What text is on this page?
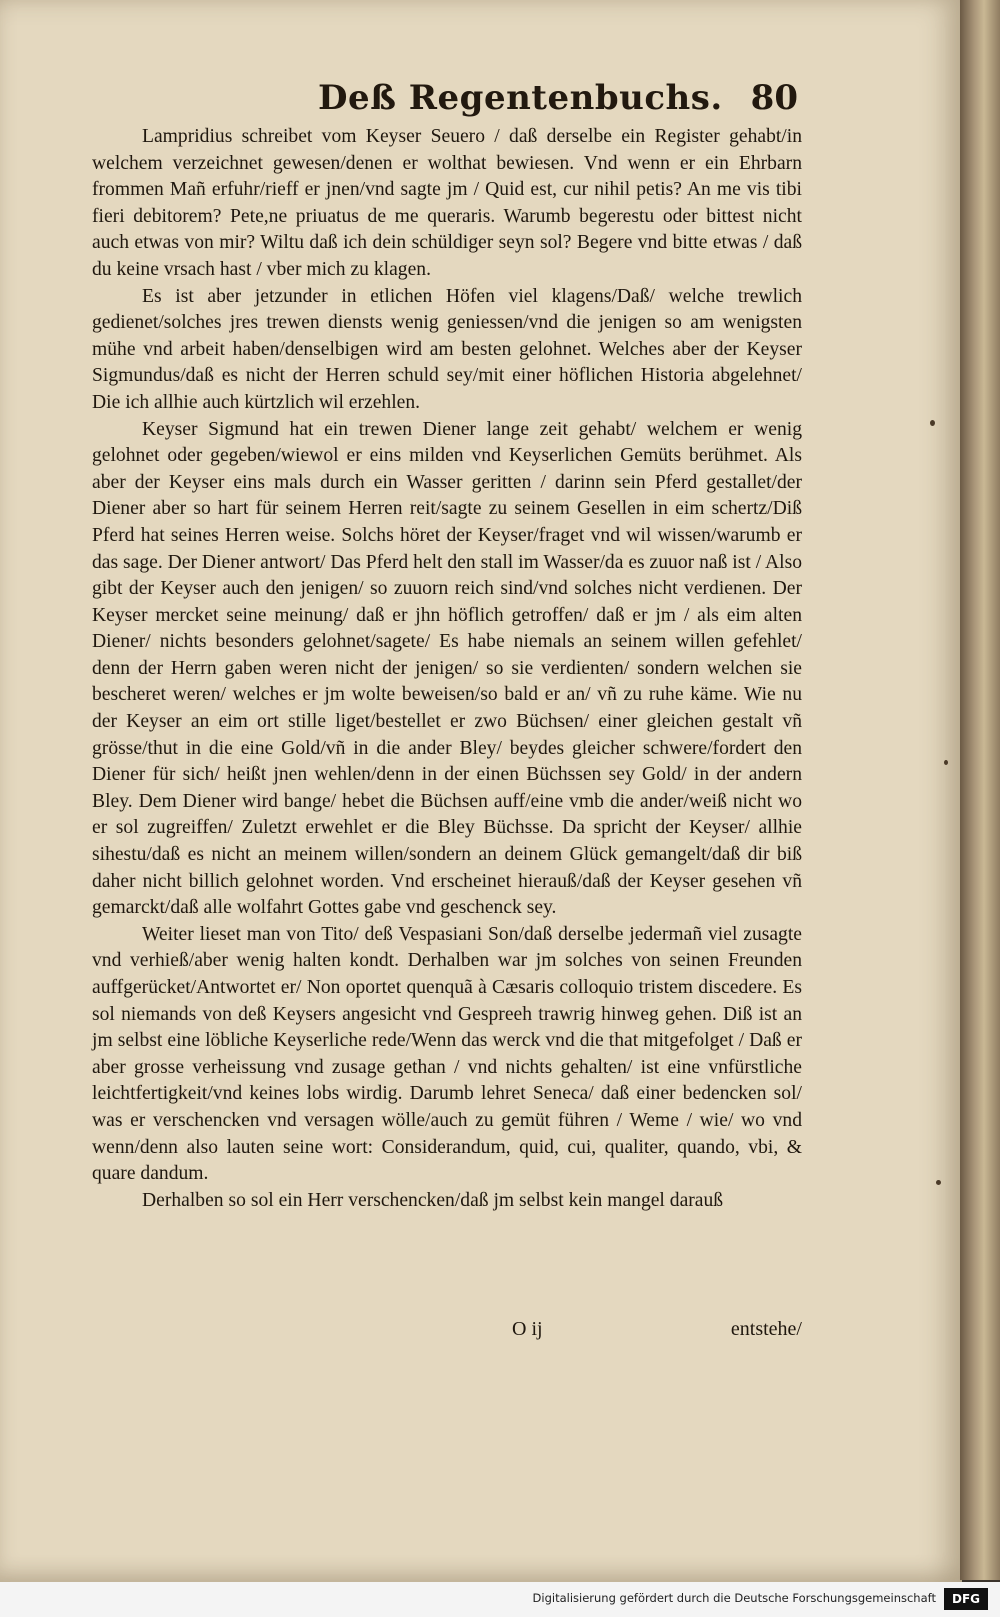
Deß Regentenbuchs. 80

Lampridius schreibet vom Keyser Seuero / daß derselbe ein Register gehabt/in welchem verzeichnet gewesen/denen er wolthat bewiesen. Vnd wenn er ein Ehrbarn frommen Mañ erfuhr/rieff er jnen/vnd sagte jm / Quid est, cur nihil petis? An me vis tibi fieri debitorem? Pete,ne priuatus de me queraris. Warumb begerestu oder bittest nicht auch etwas von mir? Wiltu daß ich dein schüldiger seyn sol? Begere vnd bitte etwas / daß du keine vrsach hast / vber mich zu klagen.

Es ist aber jetzunder in etlichen Höfen viel klagens/Daß/ welche trewlich gedienet/solches jres trewen diensts wenig geniessen/vnd die jenigen so am wenigsten mühe vnd arbeit haben/denselbigen wird am besten gelohnet. Welches aber der Keyser Sigmundus/daß es nicht der Herren schuld sey/mit einer höflichen Historia abgelehnet/ Die ich allhie auch kürtzlich wil erzehlen.

Keyser Sigmund hat ein trewen Diener lange zeit gehabt/ welchem er wenig gelohnet oder gegeben/wiewol er eins milden vnd Keyserlichen Gemüts berühmet. Als aber der Keyser eins mals durch ein Wasser geritten / darinn sein Pferd gestallet/der Diener aber so hart für seinem Herren reit/sagte zu seinem Gesellen in eim schertz/Diß Pferd hat seines Herren weise. Solchs höret der Keyser/fraget vnd wil wissen/warumb er das sage. Der Diener antwort/ Das Pferd helt den stall im Wasser/da es zuuor naß ist / Also gibt der Keyser auch den jenigen/ so zuuorn reich sind/vnd solches nicht verdienen. Der Keyser mercket seine meinung/ daß er jhn höflich getroffen/ daß er jm / als eim alten Diener/ nichts besonders gelohnet/sagete/ Es habe niemals an seinem willen gefehlet/ denn der Herrn gaben weren nicht der jenigen/ so sie verdienten/ sondern welchen sie bescheret weren/ welches er jm wolte beweisen/so bald er an/ vñ zu ruhe käme. Wie nu der Keyser an eim ort stille liget/bestellet er zwo Büchsen/ einer gleichen gestalt vñ grösse/thut in die eine Gold/vñ in die ander Bley/ beydes gleicher schwere/fordert den Diener für sich/ heißt jnen wehlen/denn in der einen Büchssen sey Gold/ in der andern Bley. Dem Diener wird bange/ hebet die Büchsen auff/eine vmb die ander/weiß nicht wo er sol zugreiffen/ Zuletzt erwehlet er die Bley Büchsse. Da spricht der Keyser/ allhie sihestu/daß es nicht an meinem willen/sondern an deinem Glück gemangelt/daß dir biß daher nicht billich gelohnet worden. Vnd erscheinet hierauß/daß der Keyser gesehen vñ gemarckt/daß alle wolfahrt Gottes gabe vnd geschenck sey.

Weiter lieset man von Tito/ deß Vespasiani Son/daß derselbe jedermañ viel zusagte vnd verhieß/aber wenig halten kondt. Derhalben war jm solches von seinen Freunden auffgerücket/Antwortet er/ Non oportet quenquã à Cæsaris colloquio tristem discedere. Es sol niemands von deß Keysers angesicht vnd Gespreeh trawrig hinweg gehen. Diß ist an jm selbst eine löbliche Keyserliche rede/Wenn das werck vnd die that mitgefolget / Daß er aber grosse verheissung vnd zusage gethan / vnd nichts gehalten/ ist eine vnfürstliche leichtfertigkeit/vnd keines lobs wirdig. Darumb lehret Seneca/ daß einer bedencken sol/ was er verschencken vnd versagen wölle/auch zu gemüt führen / Weme / wie/ wo vnd wenn/denn also lauten seine wort: Considerandum, quid, cui, qualiter, quando, vbi, & quare dandum.

Derhalben so sol ein Herr verschencken/daß jm selbst kein mangel darauß

O ij	entstehe/
Digitalisierung gefördert durch die Deutsche Forschungsgemeinschaft	DFG
